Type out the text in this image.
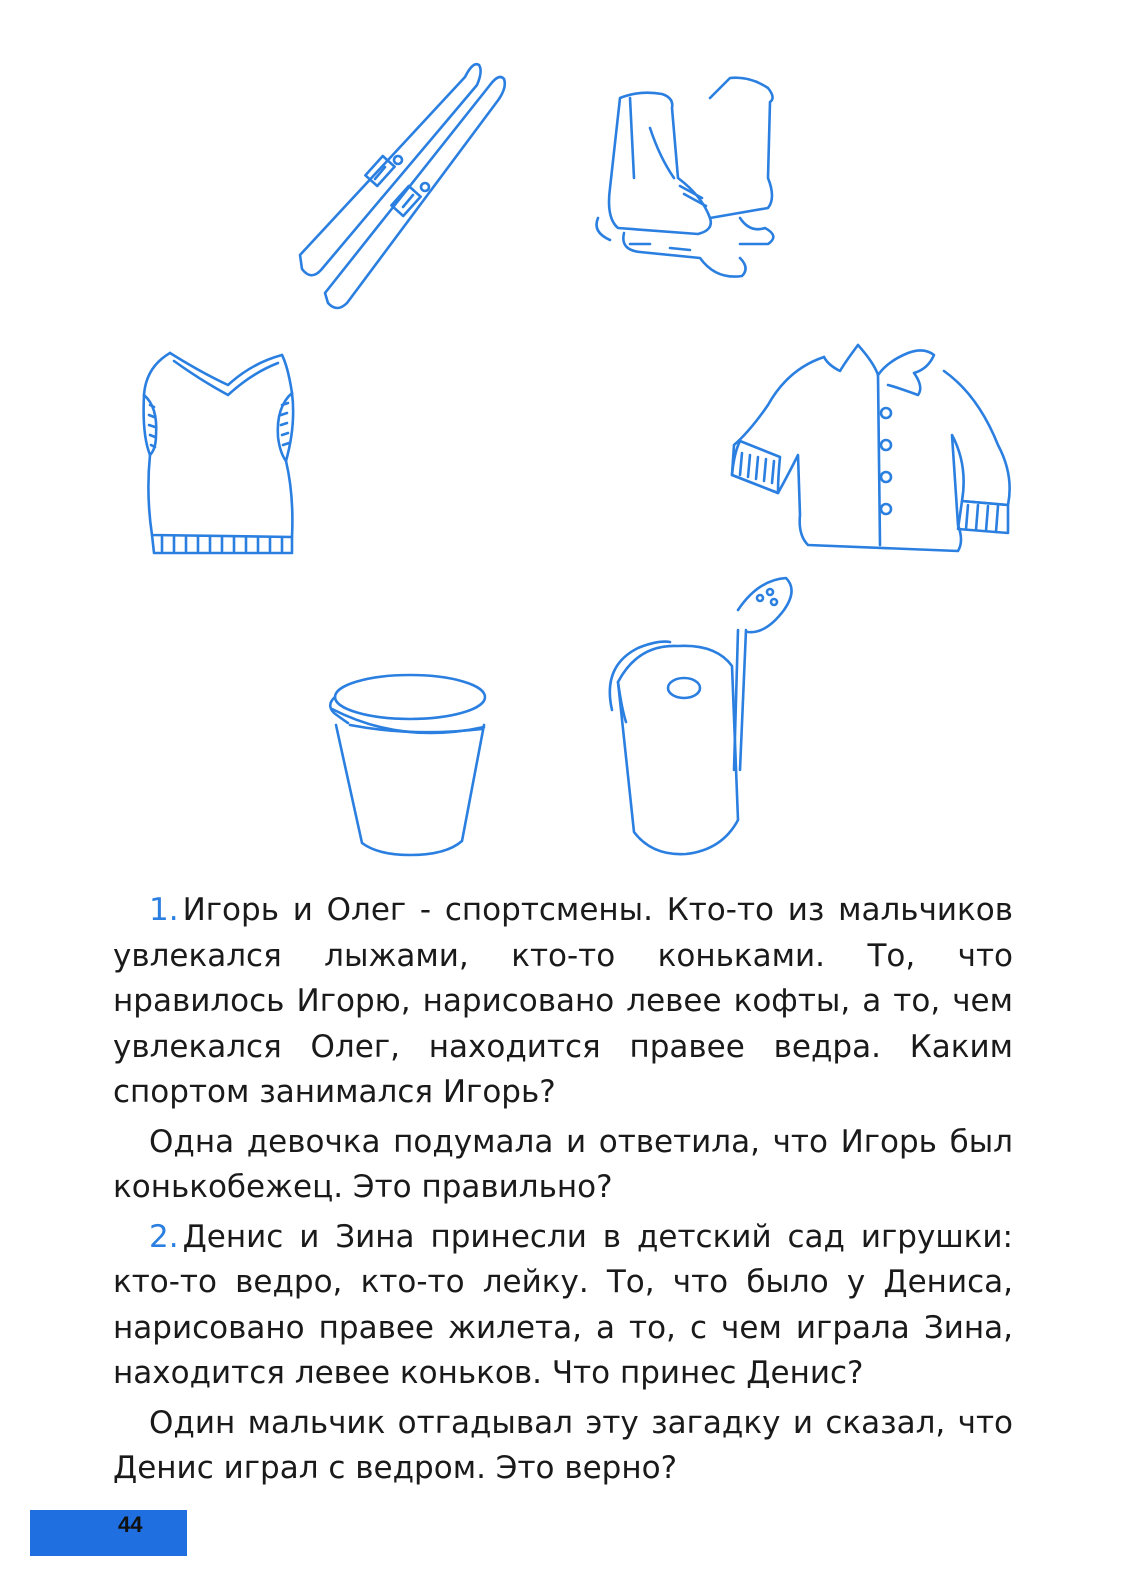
1. Игорь и Олег - спортсмены. Кто-то из мальчиков увлекался лыжами, кто-то коньками. То, что нравилось Игорю, нарисовано левее кофты, а то, чем увлекался Олег, находится правее ведра. Каким спортом занимался Игорь?

Одна девочка подумала и ответила, что Игорь был конькобежец. Это правильно?

2. Денис и Зина принесли в детский сад игрушки: кто-то ведро, кто-то лейку. То, что было у Дениса, нарисовано правее жилета, а то, с чем играла Зина, находится левее коньков. Что принес Денис?

Один мальчик отгадывал эту загадку и сказал, что Денис играл с ведром. Это верно?

44
